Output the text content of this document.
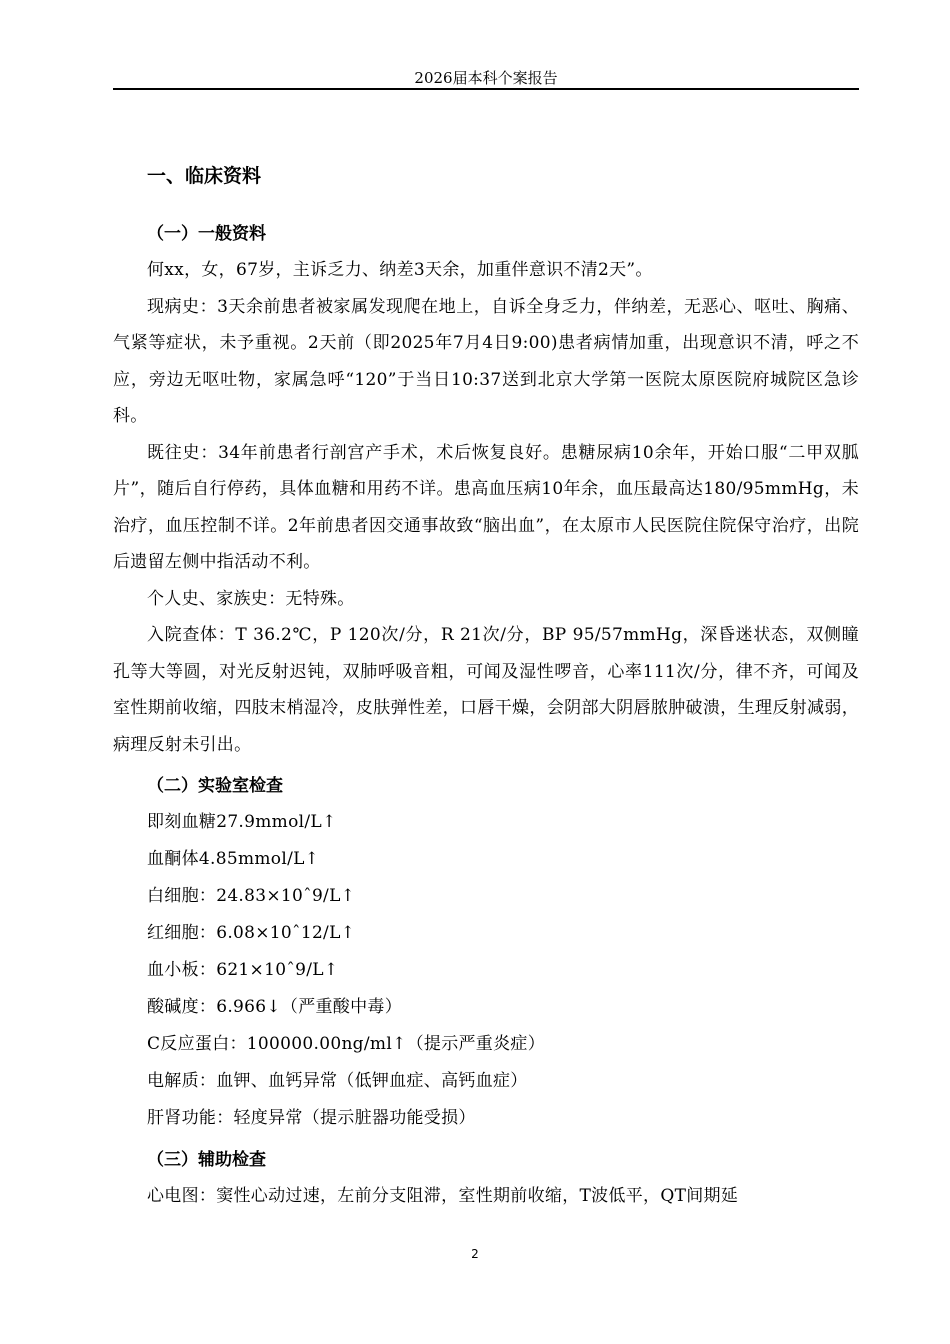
2026届本科个案报告
一、临床资料
（一）一般资料

何xx，女，67岁，主诉乏力、纳差3天余，加重伴意识不清2天”。

现病史：3天余前患者被家属发现爬在地上，自诉全身乏力，伴纳差，无恶心、呕吐、胸痛、气紧等症状，未予重视。2天前（即2025年7月4日9:00)患者病情加重，出现意识不清，呼之不应，旁边无呕吐物，家属急呼“120”于当日10:37送到北京大学第一医院太原医院府城院区急诊科。

既往史：34年前患者行剖宫产手术，术后恢复良好。患糖尿病10余年，开始口服“二甲双胍片”，随后自行停药，具体血糖和用药不详。患高血压病10年余，血压最高达180/95mmHg，未治疗，血压控制不详。2年前患者因交通事故致“脑出血”，在太原市人民医院住院保守治疗，出院后遗留左侧中指活动不利。

个人史、家族史：无特殊。

入院查体：T 36.2℃，P 120次/分，R 21次/分，BP 95/57mmHg，深昏迷状态，双侧瞳孔等大等圆，对光反射迟钝，双肺呼吸音粗，可闻及湿性啰音，心率111次/分，律不齐，可闻及室性期前收缩，四肢末梢湿冷，皮肤弹性差，口唇干燥，会阴部大阴唇脓肿破溃，生理反射减弱，病理反射未引出。

（二）实验室检查

即刻血糖27.9mmol/L↑

血酮体4.85mmol/L↑

白细胞：24.83×10ˆ9/L↑

红细胞：6.08×10ˆ12/L↑

血小板：621×10ˆ9/L↑

酸碱度：6.966↓（严重酸中毒）

C反应蛋白：100000.00ng/ml↑（提示严重炎症）

电解质：血钾、血钙异常（低钾血症、高钙血症）

肝肾功能：轻度异常（提示脏器功能受损）

（三）辅助检查

心电图：窦性心动过速，左前分支阻滞，室性期前收缩，T波低平，QT间期延

2
